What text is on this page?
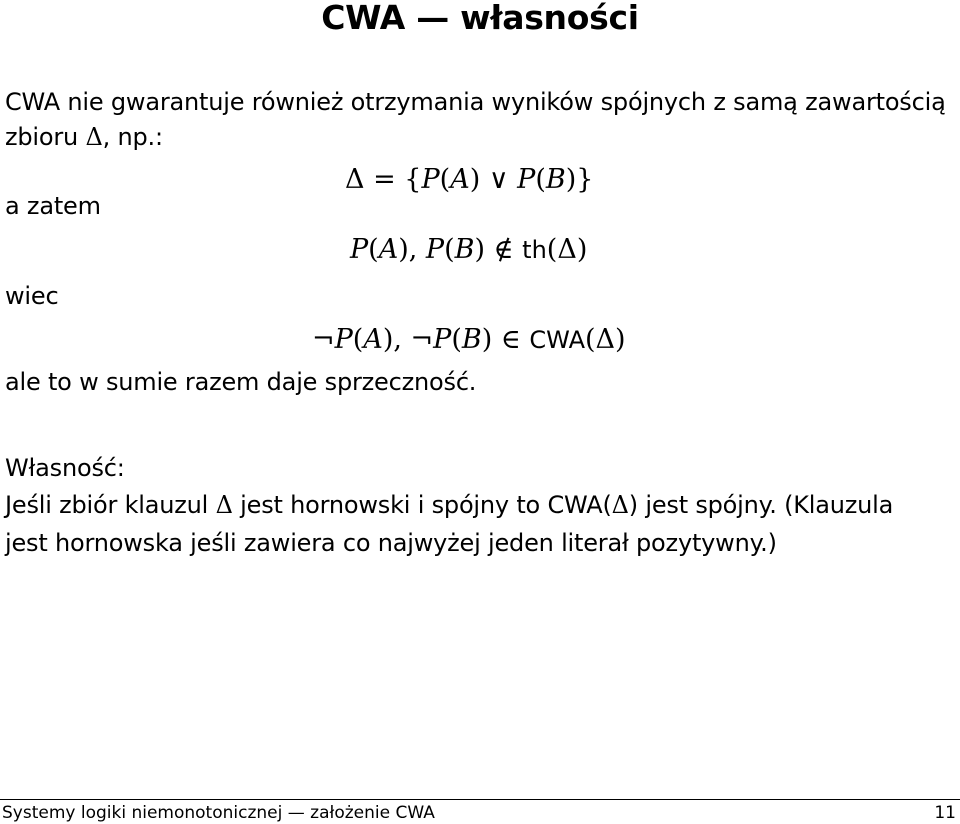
CWA — własności
CWA nie gwarantuje również otrzymania wyników spójnych z samą zawartością
zbioru Δ, np.:
Δ = {P(A) ∨ P(B)}
a zatem
P(A), P(B) ∉ th(Δ)
wiec
¬P(A), ¬P(B) ∈ CWA(Δ)
ale to w sumie razem daje sprzeczność.
Własność:
Jeśli zbiór klauzul Δ jest hornowski i spójny to CWA(Δ) jest spójny. (Klauzula
jest hornowska jeśli zawiera co najwyżej jeden literał pozytywny.)
Systemy logiki niemonotonicznej — założenie CWA	11
